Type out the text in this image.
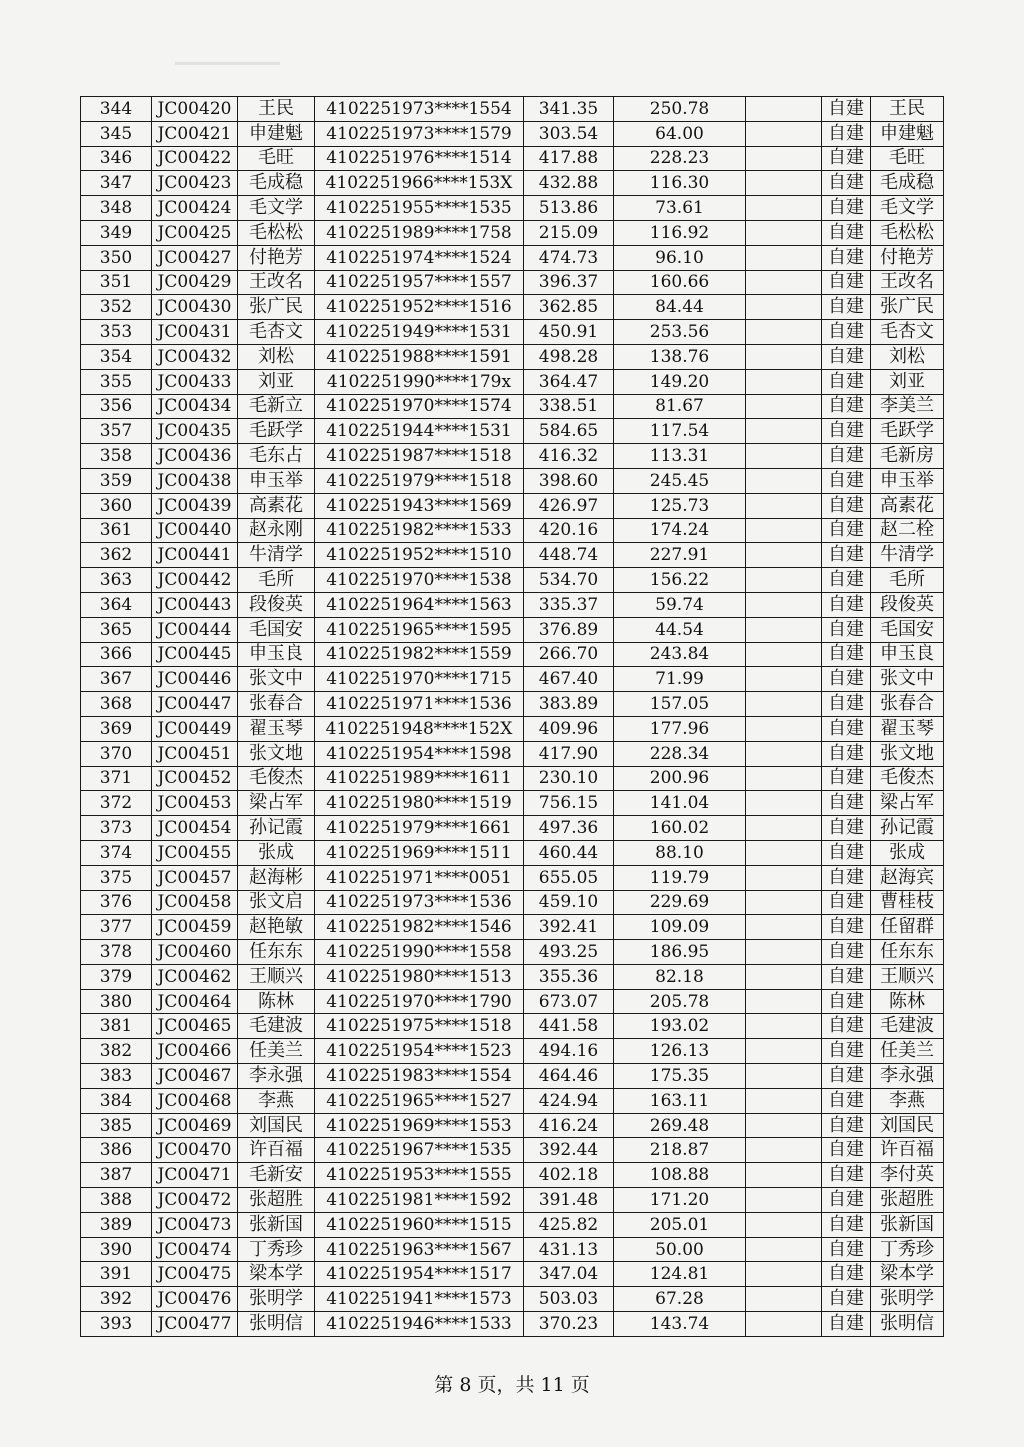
344	JC00420	王民	4102251973****1554	341.35	250.78		自建	王民
345	JC00421	申建魁	4102251973****1579	303.54	64.00		自建	申建魁
346	JC00422	毛旺	4102251976****1514	417.88	228.23		自建	毛旺
347	JC00423	毛成稳	4102251966****153X	432.88	116.30		自建	毛成稳
348	JC00424	毛文学	4102251955****1535	513.86	73.61		自建	毛文学
349	JC00425	毛松松	4102251989****1758	215.09	116.92		自建	毛松松
350	JC00427	付艳芳	4102251974****1524	474.73	96.10		自建	付艳芳
351	JC00429	王改名	4102251957****1557	396.37	160.66		自建	王改名
352	JC00430	张广民	4102251952****1516	362.85	84.44		自建	张广民
353	JC00431	毛杏文	4102251949****1531	450.91	253.56		自建	毛杏文
354	JC00432	刘松	4102251988****1591	498.28	138.76		自建	刘松
355	JC00433	刘亚	4102251990****179x	364.47	149.20		自建	刘亚
356	JC00434	毛新立	4102251970****1574	338.51	81.67		自建	李美兰
357	JC00435	毛跃学	4102251944****1531	584.65	117.54		自建	毛跃学
358	JC00436	毛东占	4102251987****1518	416.32	113.31		自建	毛新房
359	JC00438	申玉举	4102251979****1518	398.60	245.45		自建	申玉举
360	JC00439	高素花	4102251943****1569	426.97	125.73		自建	高素花
361	JC00440	赵永刚	4102251982****1533	420.16	174.24		自建	赵二栓
362	JC00441	牛清学	4102251952****1510	448.74	227.91		自建	牛清学
363	JC00442	毛所	4102251970****1538	534.70	156.22		自建	毛所
364	JC00443	段俊英	4102251964****1563	335.37	59.74		自建	段俊英
365	JC00444	毛国安	4102251965****1595	376.89	44.54		自建	毛国安
366	JC00445	申玉良	4102251982****1559	266.70	243.84		自建	申玉良
367	JC00446	张文中	4102251970****1715	467.40	71.99		自建	张文中
368	JC00447	张春合	4102251971****1536	383.89	157.05		自建	张春合
369	JC00449	翟玉琴	4102251948****152X	409.96	177.96		自建	翟玉琴
370	JC00451	张文地	4102251954****1598	417.90	228.34		自建	张文地
371	JC00452	毛俊杰	4102251989****1611	230.10	200.96		自建	毛俊杰
372	JC00453	梁占军	4102251980****1519	756.15	141.04		自建	梁占军
373	JC00454	孙记霞	4102251979****1661	497.36	160.02		自建	孙记霞
374	JC00455	张成	4102251969****1511	460.44	88.10		自建	张成
375	JC00457	赵海彬	4102251971****0051	655.05	119.79		自建	赵海宾
376	JC00458	张文启	4102251973****1536	459.10	229.69		自建	曹桂枝
377	JC00459	赵艳敏	4102251982****1546	392.41	109.09		自建	任留群
378	JC00460	任东东	4102251990****1558	493.25	186.95		自建	任东东
379	JC00462	王顺兴	4102251980****1513	355.36	82.18		自建	王顺兴
380	JC00464	陈林	4102251970****1790	673.07	205.78		自建	陈林
381	JC00465	毛建波	4102251975****1518	441.58	193.02		自建	毛建波
382	JC00466	任美兰	4102251954****1523	494.16	126.13		自建	任美兰
383	JC00467	李永强	4102251983****1554	464.46	175.35		自建	李永强
384	JC00468	李燕	4102251965****1527	424.94	163.11		自建	李燕
385	JC00469	刘国民	4102251969****1553	416.24	269.48		自建	刘国民
386	JC00470	许百福	4102251967****1535	392.44	218.87		自建	许百福
387	JC00471	毛新安	4102251953****1555	402.18	108.88		自建	李付英
388	JC00472	张超胜	4102251981****1592	391.48	171.20		自建	张超胜
389	JC00473	张新国	4102251960****1515	425.82	205.01		自建	张新国
390	JC00474	丁秀珍	4102251963****1567	431.13	50.00		自建	丁秀珍
391	JC00475	梁本学	4102251954****1517	347.04	124.81		自建	梁本学
392	JC00476	张明学	4102251941****1573	503.03	67.28		自建	张明学
393	JC00477	张明信	4102251946****1533	370.23	143.74		自建	张明信
第 8 页，共 11 页
